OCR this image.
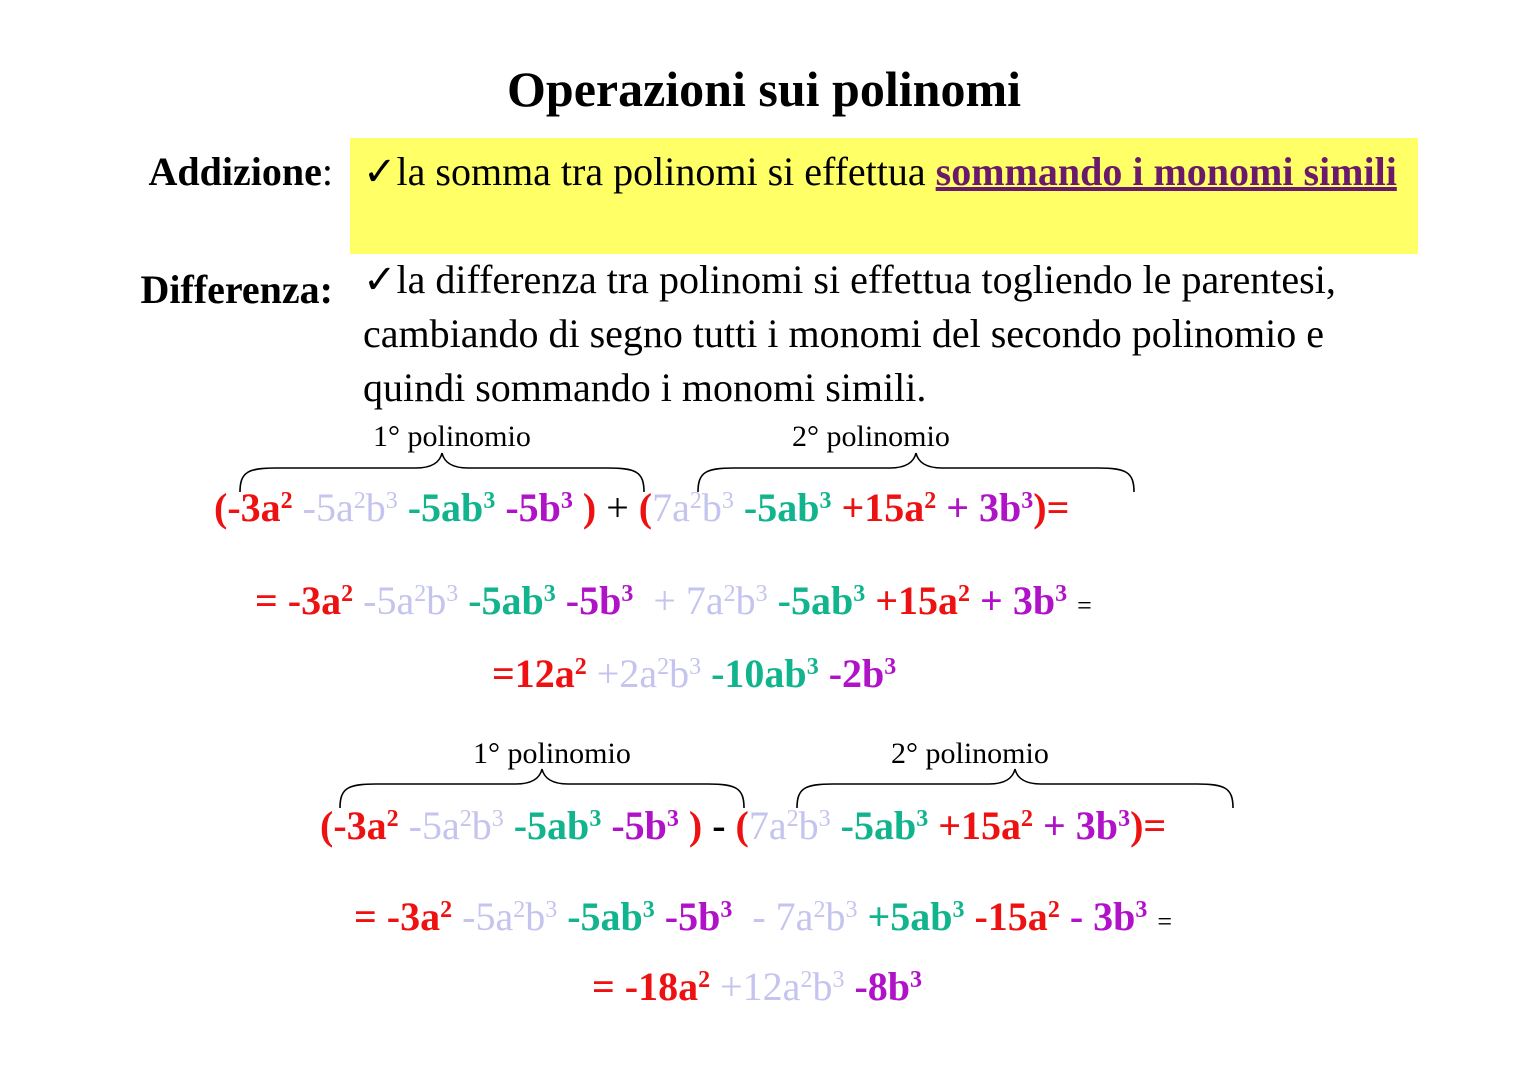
Operazioni sui polinomi
Addizione: ✓la somma tra polinomi si effettua sommando i monomi simili
Differenza: ✓la differenza tra polinomi si effettua togliendo le parentesi, cambiando di segno tutti i monomi del secondo polinomio e quindi sommando i monomi simili.
1° polinomio	2° polinomio
($-3a^2$ $-5a^2b^3$ $-5ab^3$ $-5b^3$ ) + ($7a^2b^3$ $-5ab^3 +15a^2 + 3b^3)=$
= $-3a^2$ $-5a^2b^3$ $-5ab^3$ $-5b^3 + 7a^2b^3$ $-5ab^3 +15a^2 + 3b^3$ =
$=12a^2 +2a^2b^3$ $-10ab^3$ $-2b^3$
1° polinomio	2° polinomio
($-3a^2$ $-5a^2b^3$ $-5ab^3$ $-5b^3$ ) - ($7a^2b^3$ $-5ab^3 +15a^2 + 3b^3)=$
= $-3a^2$ $-5a^2b^3$ $-5ab^3$ $-5b^3 - 7a^2b^3 +5ab^3$ $-15a^2 - 3b^3$ =
= $-18a^2 +12a^2b^3$ $-8b^3$
